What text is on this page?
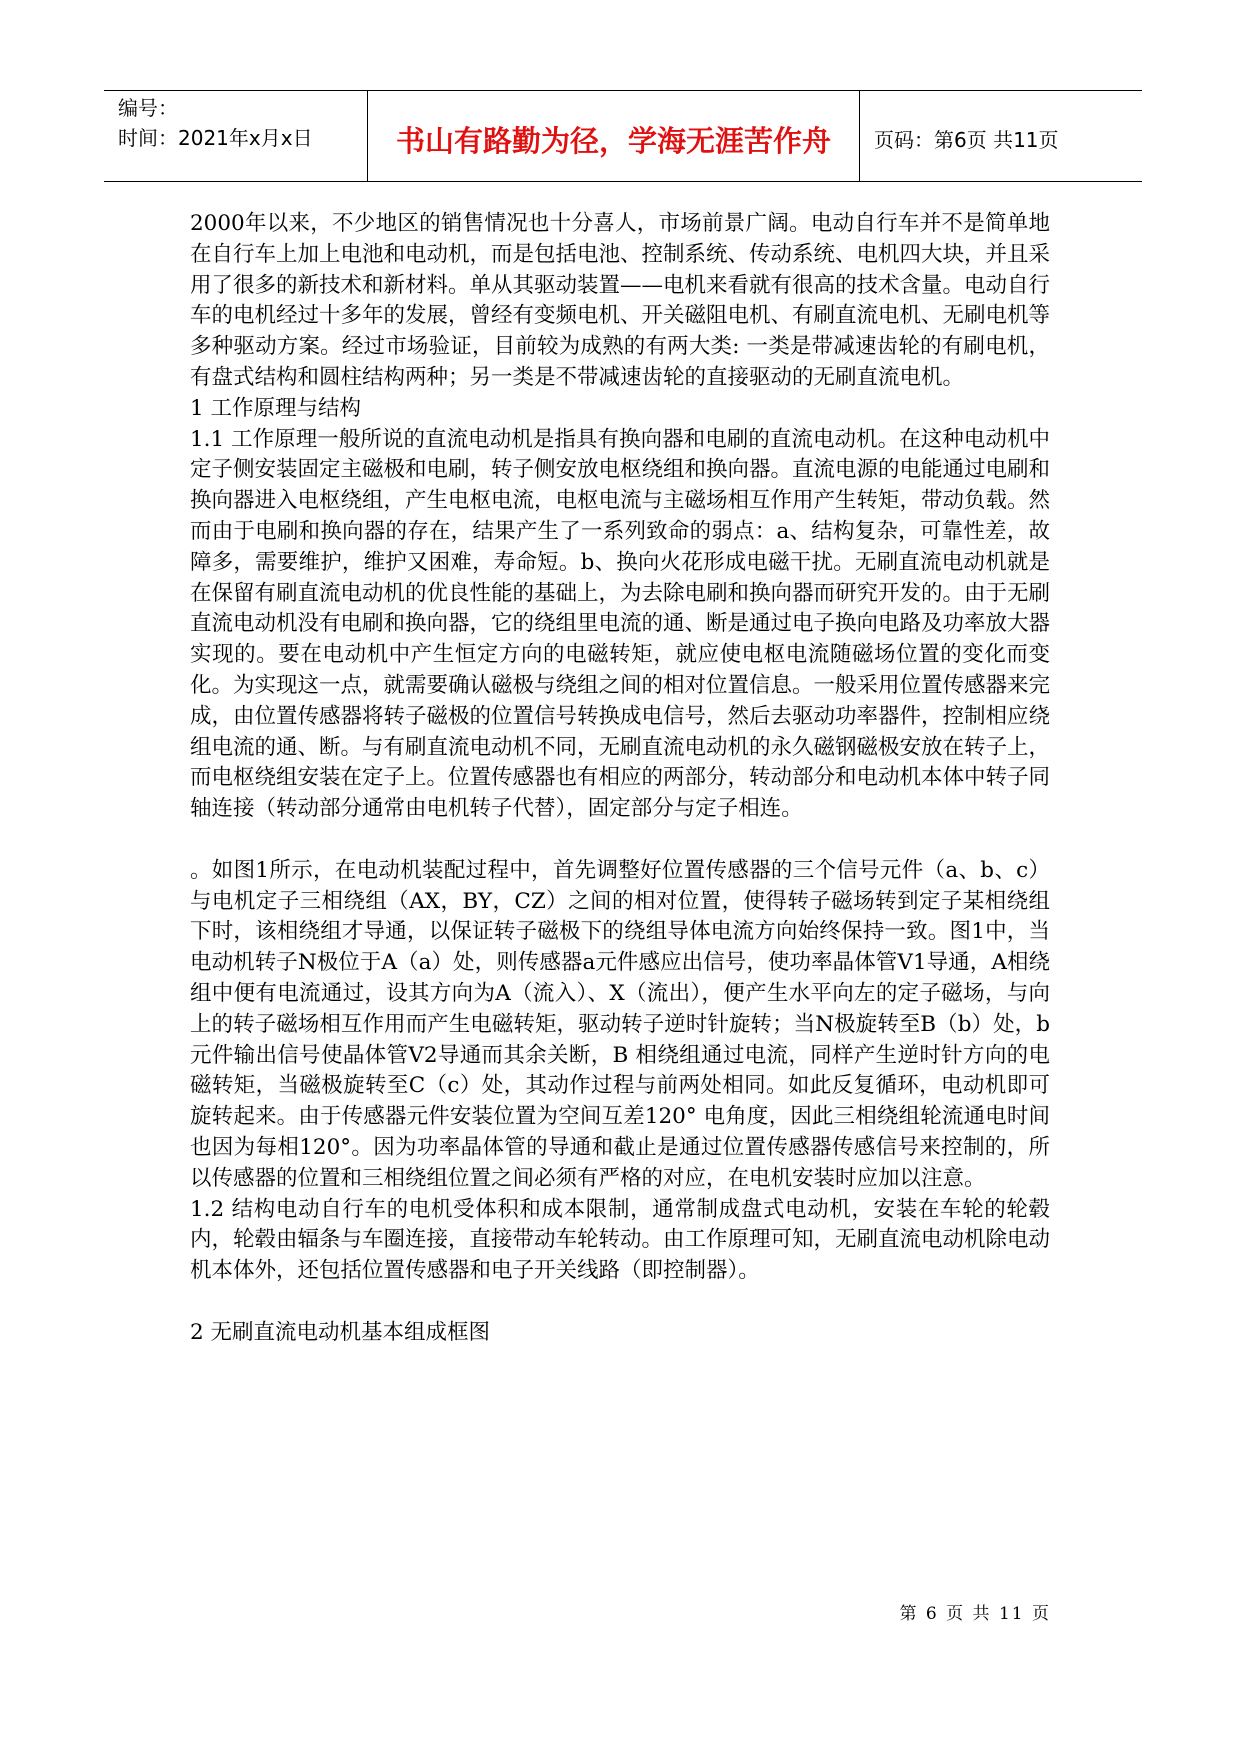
编号：
时间：2021年x月x日	书山有路勤为径，学海无涯苦作舟 页码：第6页 共11页

2000年以来，不少地区的销售情况也十分喜人，市场前景广阔。电动自行车并不是简单地在自行车上加上电池和电动机，而是包括电池、控制系统、传动系统、电机四大块，并且采用了很多的新技术和新材料。单从其驱动装置——电机来看就有很高的技术含量。电动自行车的电机经过十多年的发展，曾经有变频电机、开关磁阻电机、有刷直流电机、无刷电机等多种驱动方案。经过市场验证，目前较为成熟的有两大类: 一类是带减速齿轮的有刷电机，有盘式结构和圆柱结构两种；另一类是不带减速齿轮的直接驱动的无刷直流电机。

1 工作原理与结构

1.1 工作原理一般所说的直流电动机是指具有换向器和电刷的直流电动机。在这种电动机中定子侧安装固定主磁极和电刷，转子侧安放电枢绕组和换向器。直流电源的电能通过电刷和换向器进入电枢绕组，产生电枢电流，电枢电流与主磁场相互作用产生转矩，带动负载。然而由于电刷和换向器的存在，结果产生了一系列致命的弱点：a、结构复杂，可靠性差，故障多，需要维护，维护又困难，寿命短。b、换向火花形成电磁干扰。无刷直流电动机就是在保留有刷直流电动机的优良性能的基础上，为去除电刷和换向器而研究开发的。由于无刷直流电动机没有电刷和换向器，它的绕组里电流的通、断是通过电子换向电路及功率放大器实现的。要在电动机中产生恒定方向的电磁转矩，就应使电枢电流随磁场位置的变化而变化。为实现这一点，就需要确认磁极与绕组之间的相对位置信息。一般采用位置传感器来完成，由位置传感器将转子磁极的位置信号转换成电信号，然后去驱动功率器件，控制相应绕组电流的通、断。与有刷直流电动机不同，无刷直流电动机的永久磁钢磁极安放在转子上，而电枢绕组安装在定子上。位置传感器也有相应的两部分，转动部分和电动机本体中转子同轴连接（转动部分通常由电机转子代替），固定部分与定子相连。

。如图1所示，在电动机装配过程中，首先调整好位置传感器的三个信号元件（a、b、c）与电机定子三相绕组（AX，BY，CZ）之间的相对位置，使得转子磁场转到定子某相绕组下时，该相绕组才导通，以保证转子磁极下的绕组导体电流方向始终保持一致。图1中，当电动机转子N极位于A（a）处，则传感器a元件感应出信号，使功率晶体管V1导通，A相绕组中便有电流通过，设其方向为A（流入）、X（流出），便产生水平向左的定子磁场，与向上的转子磁场相互作用而产生电磁转矩，驱动转子逆时针旋转；当N极旋转至B（b）处，b元件输出信号使晶体管V2导通而其余关断，B 相绕组通过电流，同样产生逆时针方向的电磁转矩，当磁极旋转至C（c）处，其动作过程与前两处相同。如此反复循环，电动机即可旋转起来。由于传感器元件安装位置为空间互差120° 电角度，因此三相绕组轮流通电时间也因为每相120°。因为功率晶体管的导通和截止是通过位置传感器传感信号来控制的，所以传感器的位置和三相绕组位置之间必须有严格的对应，在电机安装时应加以注意。

1.2 结构电动自行车的电机受体积和成本限制，通常制成盘式电动机，安装在车轮的轮毂内，轮毂由辐条与车圈连接，直接带动车轮转动。由工作原理可知，无刷直流电动机除电动机本体外，还包括位置传感器和电子开关线路（即控制器）。

2 无刷直流电动机基本组成框图

第 6 页 共 11 页
